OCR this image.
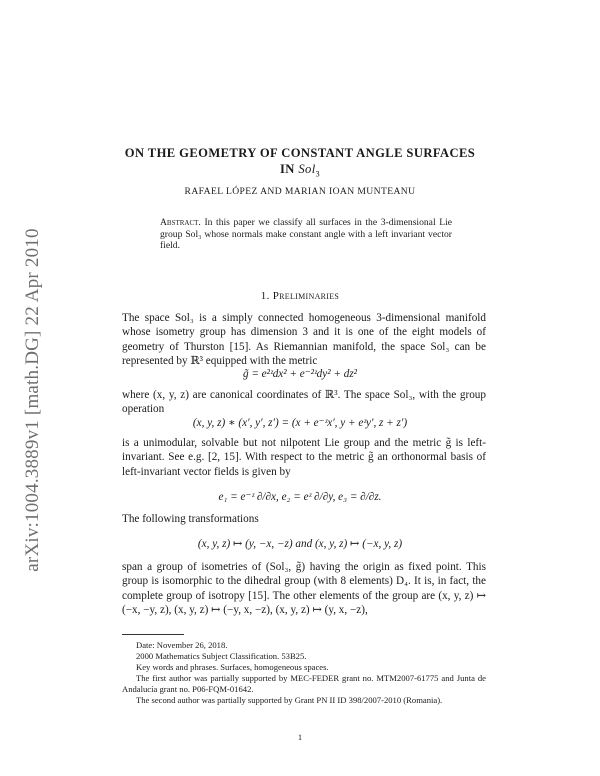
arXiv:1004.3889v1 [math.DG] 22 Apr 2010
ON THE GEOMETRY OF CONSTANT ANGLE SURFACES
IN Sol$_3$
RAFAEL LÓPEZ AND MARIAN IOAN MUNTEANU
Abstract. In this paper we classify all surfaces in the 3-dimensional Lie group Sol₃ whose normals make constant angle with a left invariant vector field.
1. Preliminaries
The space Sol₃ is a simply connected homogeneous 3-dimensional manifold whose isometry group has dimension 3 and it is one of the eight models of geometry of Thurston [15]. As Riemannian manifold, the space Sol₃ can be represented by ℝ³ equipped with the metric
g̃ = e²ᶻdx² + e⁻²ᶻdy² + dz²
where (x, y, z) are canonical coordinates of ℝ³. The space Sol₃, with the group operation
(x, y, z) ∗ (x′, y′, z′) = (x + e⁻ᶻx′, y + eᶻy′, z + z′)
is a unimodular, solvable but not nilpotent Lie group and the metric g̃ is left-invariant. See e.g. [2, 15]. With respect to the metric g̃ an orthonormal basis of left-invariant vector fields is given by
e₁ = e⁻ᶻ ∂/∂x, e₂ = eᶻ ∂/∂y, e₃ = ∂/∂z.
The following transformations
(x, y, z) ↦ (y, −x, −z) and (x, y, z) ↦ (−x, y, z)
span a group of isometries of (Sol₃, g̃) having the origin as fixed point. This group is isomorphic to the dihedral group (with 8 elements) D₄. It is, in fact, the complete group of isotropy [15]. The other elements of the group are (x, y, z) ↦ (−x, −y, z), (x, y, z) ↦ (−y, x, −z), (x, y, z) ↦ (y, x, −z),
Date: November 26, 2018.
2000 Mathematics Subject Classification. 53B25.
Key words and phrases. Surfaces, homogeneous spaces.
The first author was partially supported by MEC-FEDER grant no. MTM2007-61775 and Junta de Andalucía grant no. P06-FQM-01642.
The second author was partially supported by Grant PN II ID 398/2007-2010 (Romania).
1
